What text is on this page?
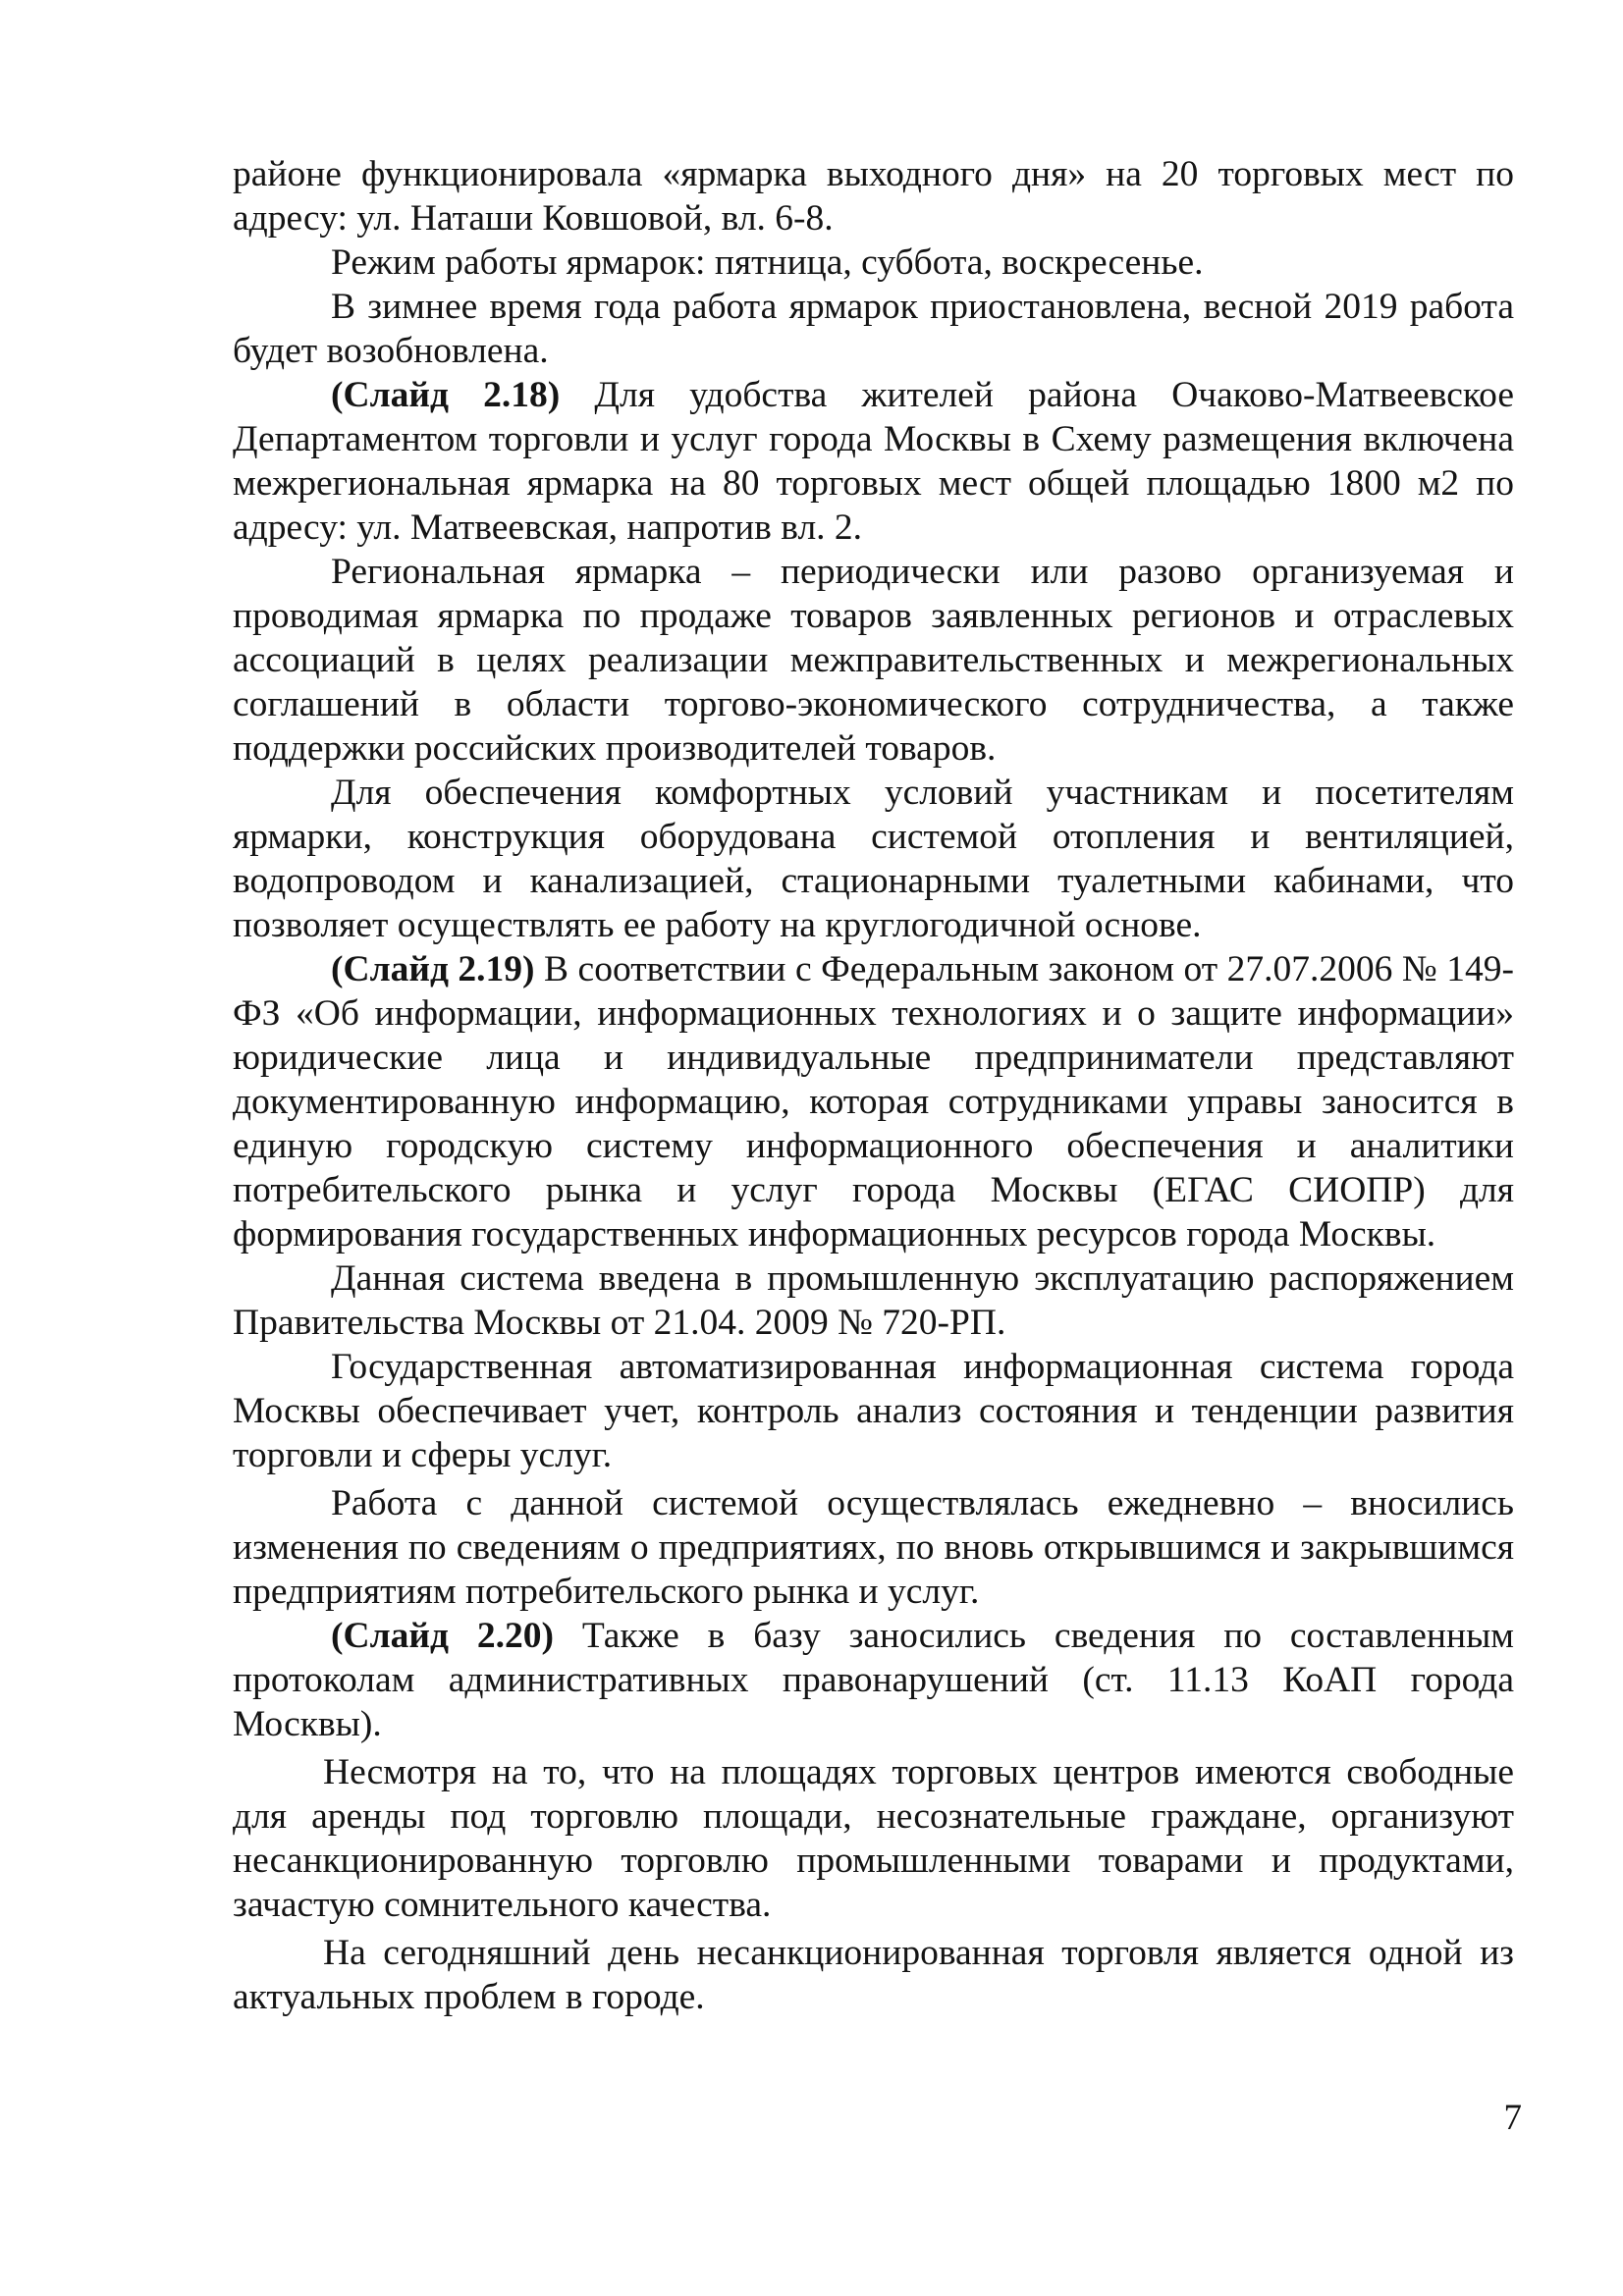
районе функционировала «ярмарка выходного дня» на 20 торговых мест по адресу: ул. Наташи Ковшовой, вл. 6-8.

Режим работы ярмарок: пятница, суббота, воскресенье.

В зимнее время года работа ярмарок приостановлена, весной 2019 работа будет возобновлена.

(Слайд 2.18) Для удобства жителей района Очаково-Матвеевское Департаментом торговли и услуг города Москвы в Схему размещения включена межрегиональная ярмарка на 80 торговых мест общей площадью 1800 м2 по адресу: ул. Матвеевская, напротив вл. 2.

Региональная ярмарка – периодически или разово организуемая и проводимая ярмарка по продаже товаров заявленных регионов и отраслевых ассоциаций в целях реализации межправительственных и межрегиональных соглашений в области торгово-экономического сотрудничества, а также поддержки российских производителей товаров.

Для обеспечения комфортных условий участникам и посетителям ярмарки, конструкция оборудована системой отопления и вентиляцией, водопроводом и канализацией, стационарными туалетными кабинами, что позволяет осуществлять ее работу на круглогодичной основе.

(Слайд 2.19) В соответствии с Федеральным законом от 27.07.2006 № 149-ФЗ «Об информации, информационных технологиях и о защите информации» юридические лица и индивидуальные предприниматели представляют документированную информацию, которая сотрудниками управы заносится в единую городскую систему информационного обеспечения и аналитики потребительского рынка и услуг города Москвы (ЕГАС СИОПР) для формирования государственных информационных ресурсов города Москвы.

Данная система введена в промышленную эксплуатацию распоряжением Правительства Москвы от 21.04. 2009 № 720-РП.

Государственная автоматизированная информационная система города Москвы обеспечивает учет, контроль анализ состояния и тенденции развития торговли и сферы услуг.

Работа с данной системой осуществлялась ежедневно – вносились изменения по сведениям о предприятиях, по вновь открывшимся и закрывшимся предприятиям потребительского рынка и услуг.

(Слайд 2.20) Также в базу заносились сведения по составленным протоколам административных правонарушений (ст. 11.13 КоАП города Москвы).

Несмотря на то, что на площадях торговых центров имеются свободные для аренды под торговлю площади, несознательные граждане, организуют несанкционированную торговлю промышленными товарами и продуктами, зачастую сомнительного качества.

На сегодняшний день несанкционированная торговля является одной из актуальных проблем в городе.

7
